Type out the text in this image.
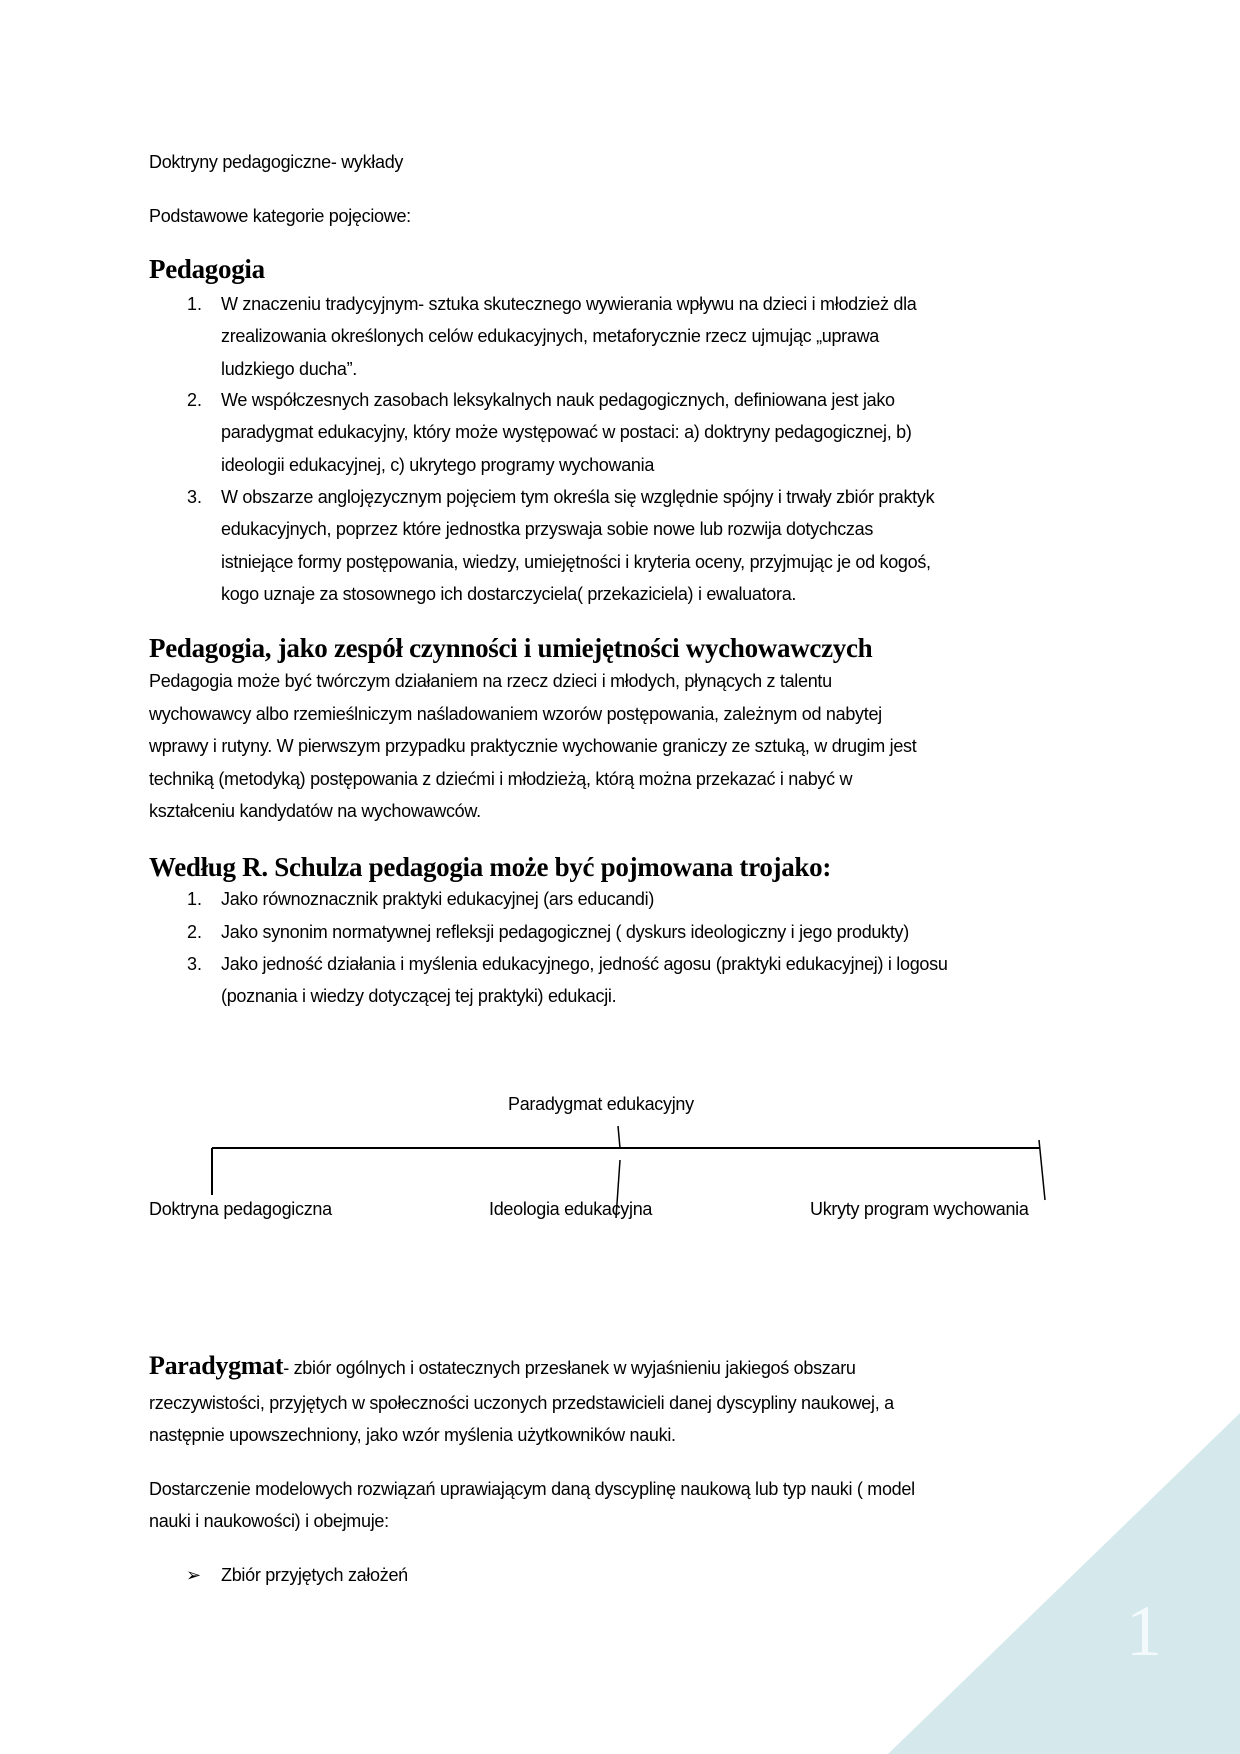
1
Doktryny pedagogiczne- wykłady
Podstawowe kategorie pojęciowe:
Pedagogia
1. W znaczeniu tradycyjnym- sztuka skutecznego wywierania wpływu na dzieci i młodzież dla
zrealizowania określonych celów edukacyjnych, metaforycznie rzecz ujmując „uprawa
ludzkiego ducha”.
2. We współczesnych zasobach leksykalnych nauk pedagogicznych, definiowana jest jako
paradygmat edukacyjny, który może występować w postaci: a) doktryny pedagogicznej, b)
ideologii edukacyjnej, c) ukrytego programy wychowania
3. W obszarze anglojęzycznym pojęciem tym określa się względnie spójny i trwały zbiór praktyk
edukacyjnych, poprzez które jednostka przyswaja sobie nowe lub rozwija dotychczas
istniejące formy postępowania, wiedzy, umiejętności i kryteria oceny, przyjmując je od kogoś,
kogo uznaje za stosownego ich dostarczyciela( przekaziciela) i ewaluatora.
Pedagogia, jako zespół czynności i umiejętności wychowawczych
Pedagogia może być twórczym działaniem na rzecz dzieci i młodych, płynących z talentu
wychowawcy albo rzemieślniczym naśladowaniem wzorów postępowania, zależnym od nabytej
wprawy i rutyny. W pierwszym przypadku praktycznie wychowanie graniczy ze sztuką, w drugim jest
techniką (metodyką) postępowania z dziećmi i młodzieżą, którą można przekazać i nabyć w
kształceniu kandydatów na wychowawców.
Według R. Schulza pedagogia może być pojmowana trojako:
1. Jako równoznacznik praktyki edukacyjnej (ars educandi)
2. Jako synonim normatywnej refleksji pedagogicznej ( dyskurs ideologiczny i jego produkty)
3. Jako jedność działania i myślenia edukacyjnego, jedność agosu (praktyki edukacyjnej) i logosu
(poznania i wiedzy dotyczącej tej praktyki) edukacji.
Paradygmat edukacyjny
Doktryna pedagogiczna	Ideologia edukacyjna	Ukryty program wychowania
Paradygmat- zbiór ogólnych i ostatecznych przesłanek w wyjaśnieniu jakiegoś obszaru
rzeczywistości, przyjętych w społeczności uczonych przedstawicieli danej dyscypliny naukowej, a
następnie upowszechniony, jako wzór myślenia użytkowników nauki.
Dostarczenie modelowych rozwiązań uprawiającym daną dyscyplinę naukową lub typ nauki ( model
nauki i naukowości) i obejmuje:
➢ Zbiór przyjętych założeń
